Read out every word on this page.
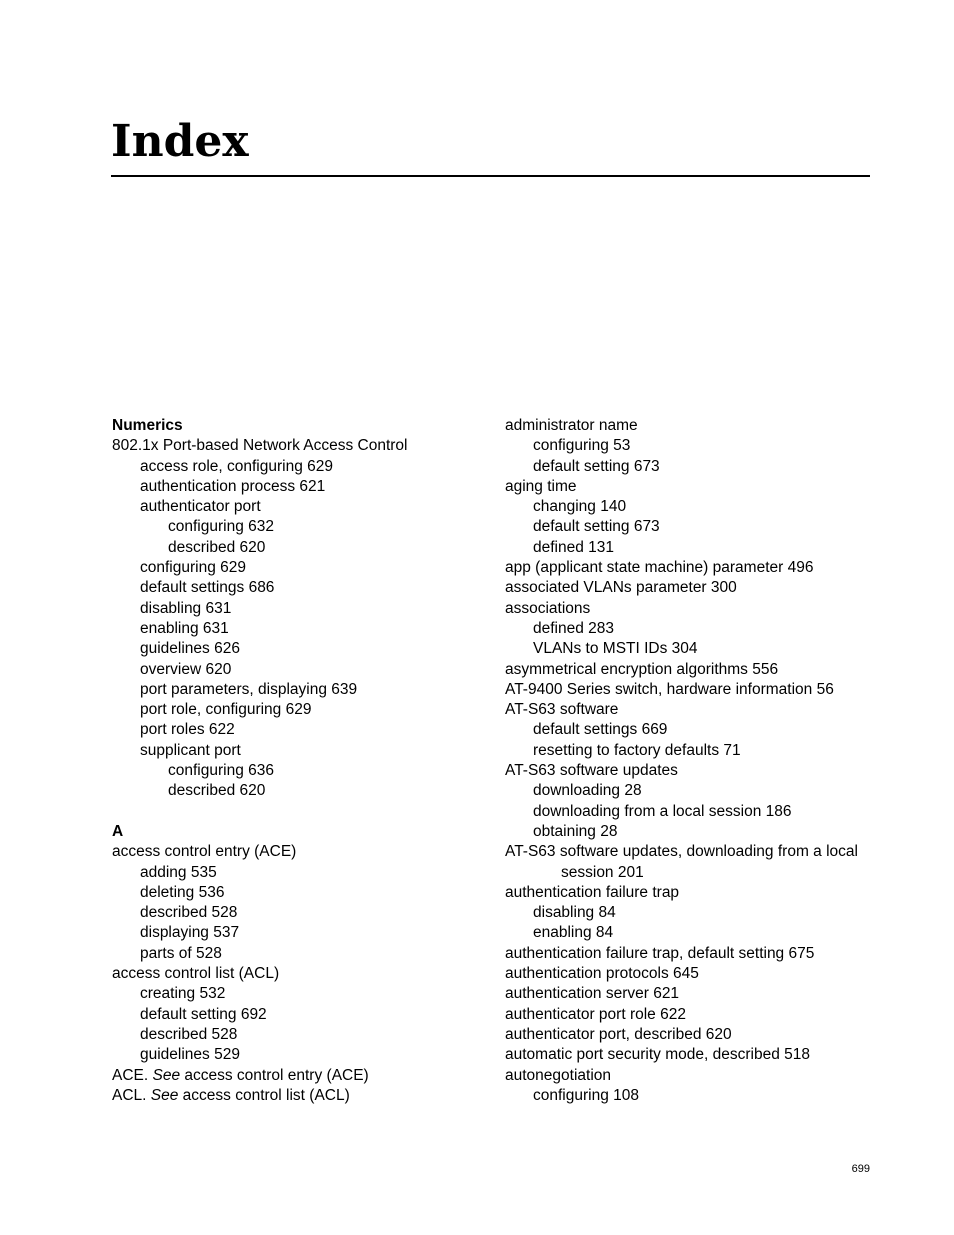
Index
Numerics
802.1x Port-based Network Access Control
access role, configuring 629
authentication process 621
authenticator port
configuring 632
described 620
configuring 629
default settings 686
disabling 631
enabling 631
guidelines 626
overview 620
port parameters, displaying 639
port role, configuring 629
port roles 622
supplicant port
configuring 636
described 620
A
access control entry (ACE)
adding 535
deleting 536
described 528
displaying 537
parts of 528
access control list (ACL)
creating 532
default setting 692
described 528
guidelines 529
ACE. See access control entry (ACE)
ACL. See access control list (ACL)
administrator name
configuring 53
default setting 673
aging time
changing 140
default setting 673
defined 131
app (applicant state machine) parameter 496
associated VLANs parameter 300
associations
defined 283
VLANs to MSTI IDs 304
asymmetrical encryption algorithms 556
AT-9400 Series switch, hardware information 56
AT-S63 software
default settings 669
resetting to factory defaults 71
AT-S63 software updates
downloading 28
downloading from a local session 186
obtaining 28
AT-S63 software updates, downloading from a local
session 201
authentication failure trap
disabling 84
enabling 84
authentication failure trap, default setting 675
authentication protocols 645
authentication server 621
authenticator port role 622
authenticator port, described 620
automatic port security mode, described 518
autonegotiation
configuring 108
699
